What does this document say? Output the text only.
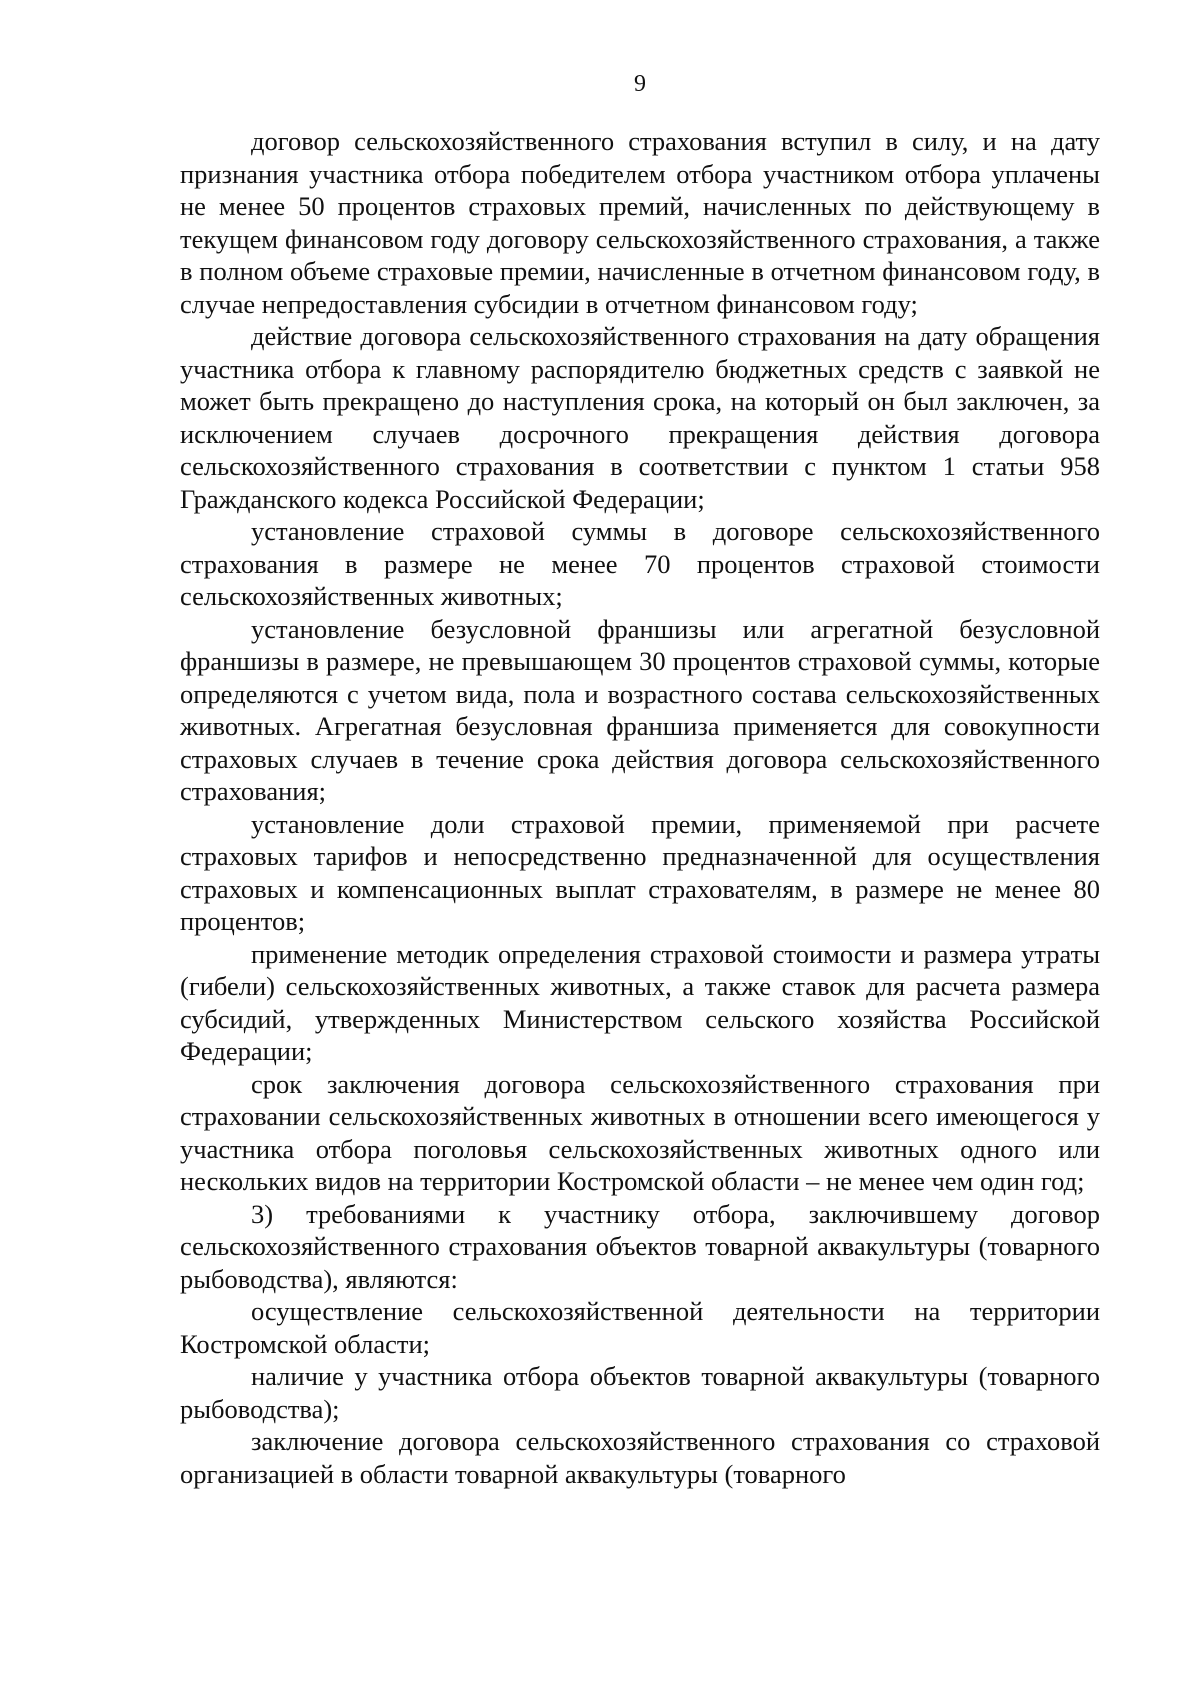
9

договор сельскохозяйственного страхования вступил в силу, и на дату признания участника отбора победителем отбора участником отбора уплачены не менее 50 процентов страховых премий, начисленных по действующему в текущем финансовом году договору сельскохозяйственного страхования, а также в полном объеме страховые премии, начисленные в отчетном финансовом году, в случае непредоставления субсидии в отчетном финансовом году;

действие договора сельскохозяйственного страхования на дату обращения участника отбора к главному распорядителю бюджетных средств с заявкой не может быть прекращено до наступления срока, на который он был заключен, за исключением случаев досрочного прекращения действия договора сельскохозяйственного страхования в соответствии с пунктом 1 статьи 958 Гражданского кодекса Российской Федерации;

установление страховой суммы в договоре сельскохозяйственного страхования в размере не менее 70 процентов страховой стоимости сельскохозяйственных животных;

установление безусловной франшизы или агрегатной безусловной франшизы в размере, не превышающем 30 процентов страховой суммы, которые определяются с учетом вида, пола и возрастного состава сельскохозяйственных животных. Агрегатная безусловная франшиза применяется для совокупности страховых случаев в течение срока действия договора сельскохозяйственного страхования;

установление доли страховой премии, применяемой при расчете страховых тарифов и непосредственно предназначенной для осуществления страховых и компенсационных выплат страхователям, в размере не менее 80 процентов;

применение методик определения страховой стоимости и размера утраты (гибели) сельскохозяйственных животных, а также ставок для расчета размера субсидий, утвержденных Министерством сельского хозяйства Российской Федерации;

срок заключения договора сельскохозяйственного страхования при страховании сельскохозяйственных животных в отношении всего имеющегося у участника отбора поголовья сельскохозяйственных животных одного или нескольких видов на территории Костромской области – не менее чем один год;

3) требованиями к участнику отбора, заключившему договор сельскохозяйственного страхования объектов товарной аквакультуры (товарного рыбоводства), являются:

осуществление сельскохозяйственной деятельности на территории Костромской области;

наличие у участника отбора объектов товарной аквакультуры (товарного рыбоводства);

заключение договора сельскохозяйственного страхования со страховой организацией в области товарной аквакультуры (товарного
